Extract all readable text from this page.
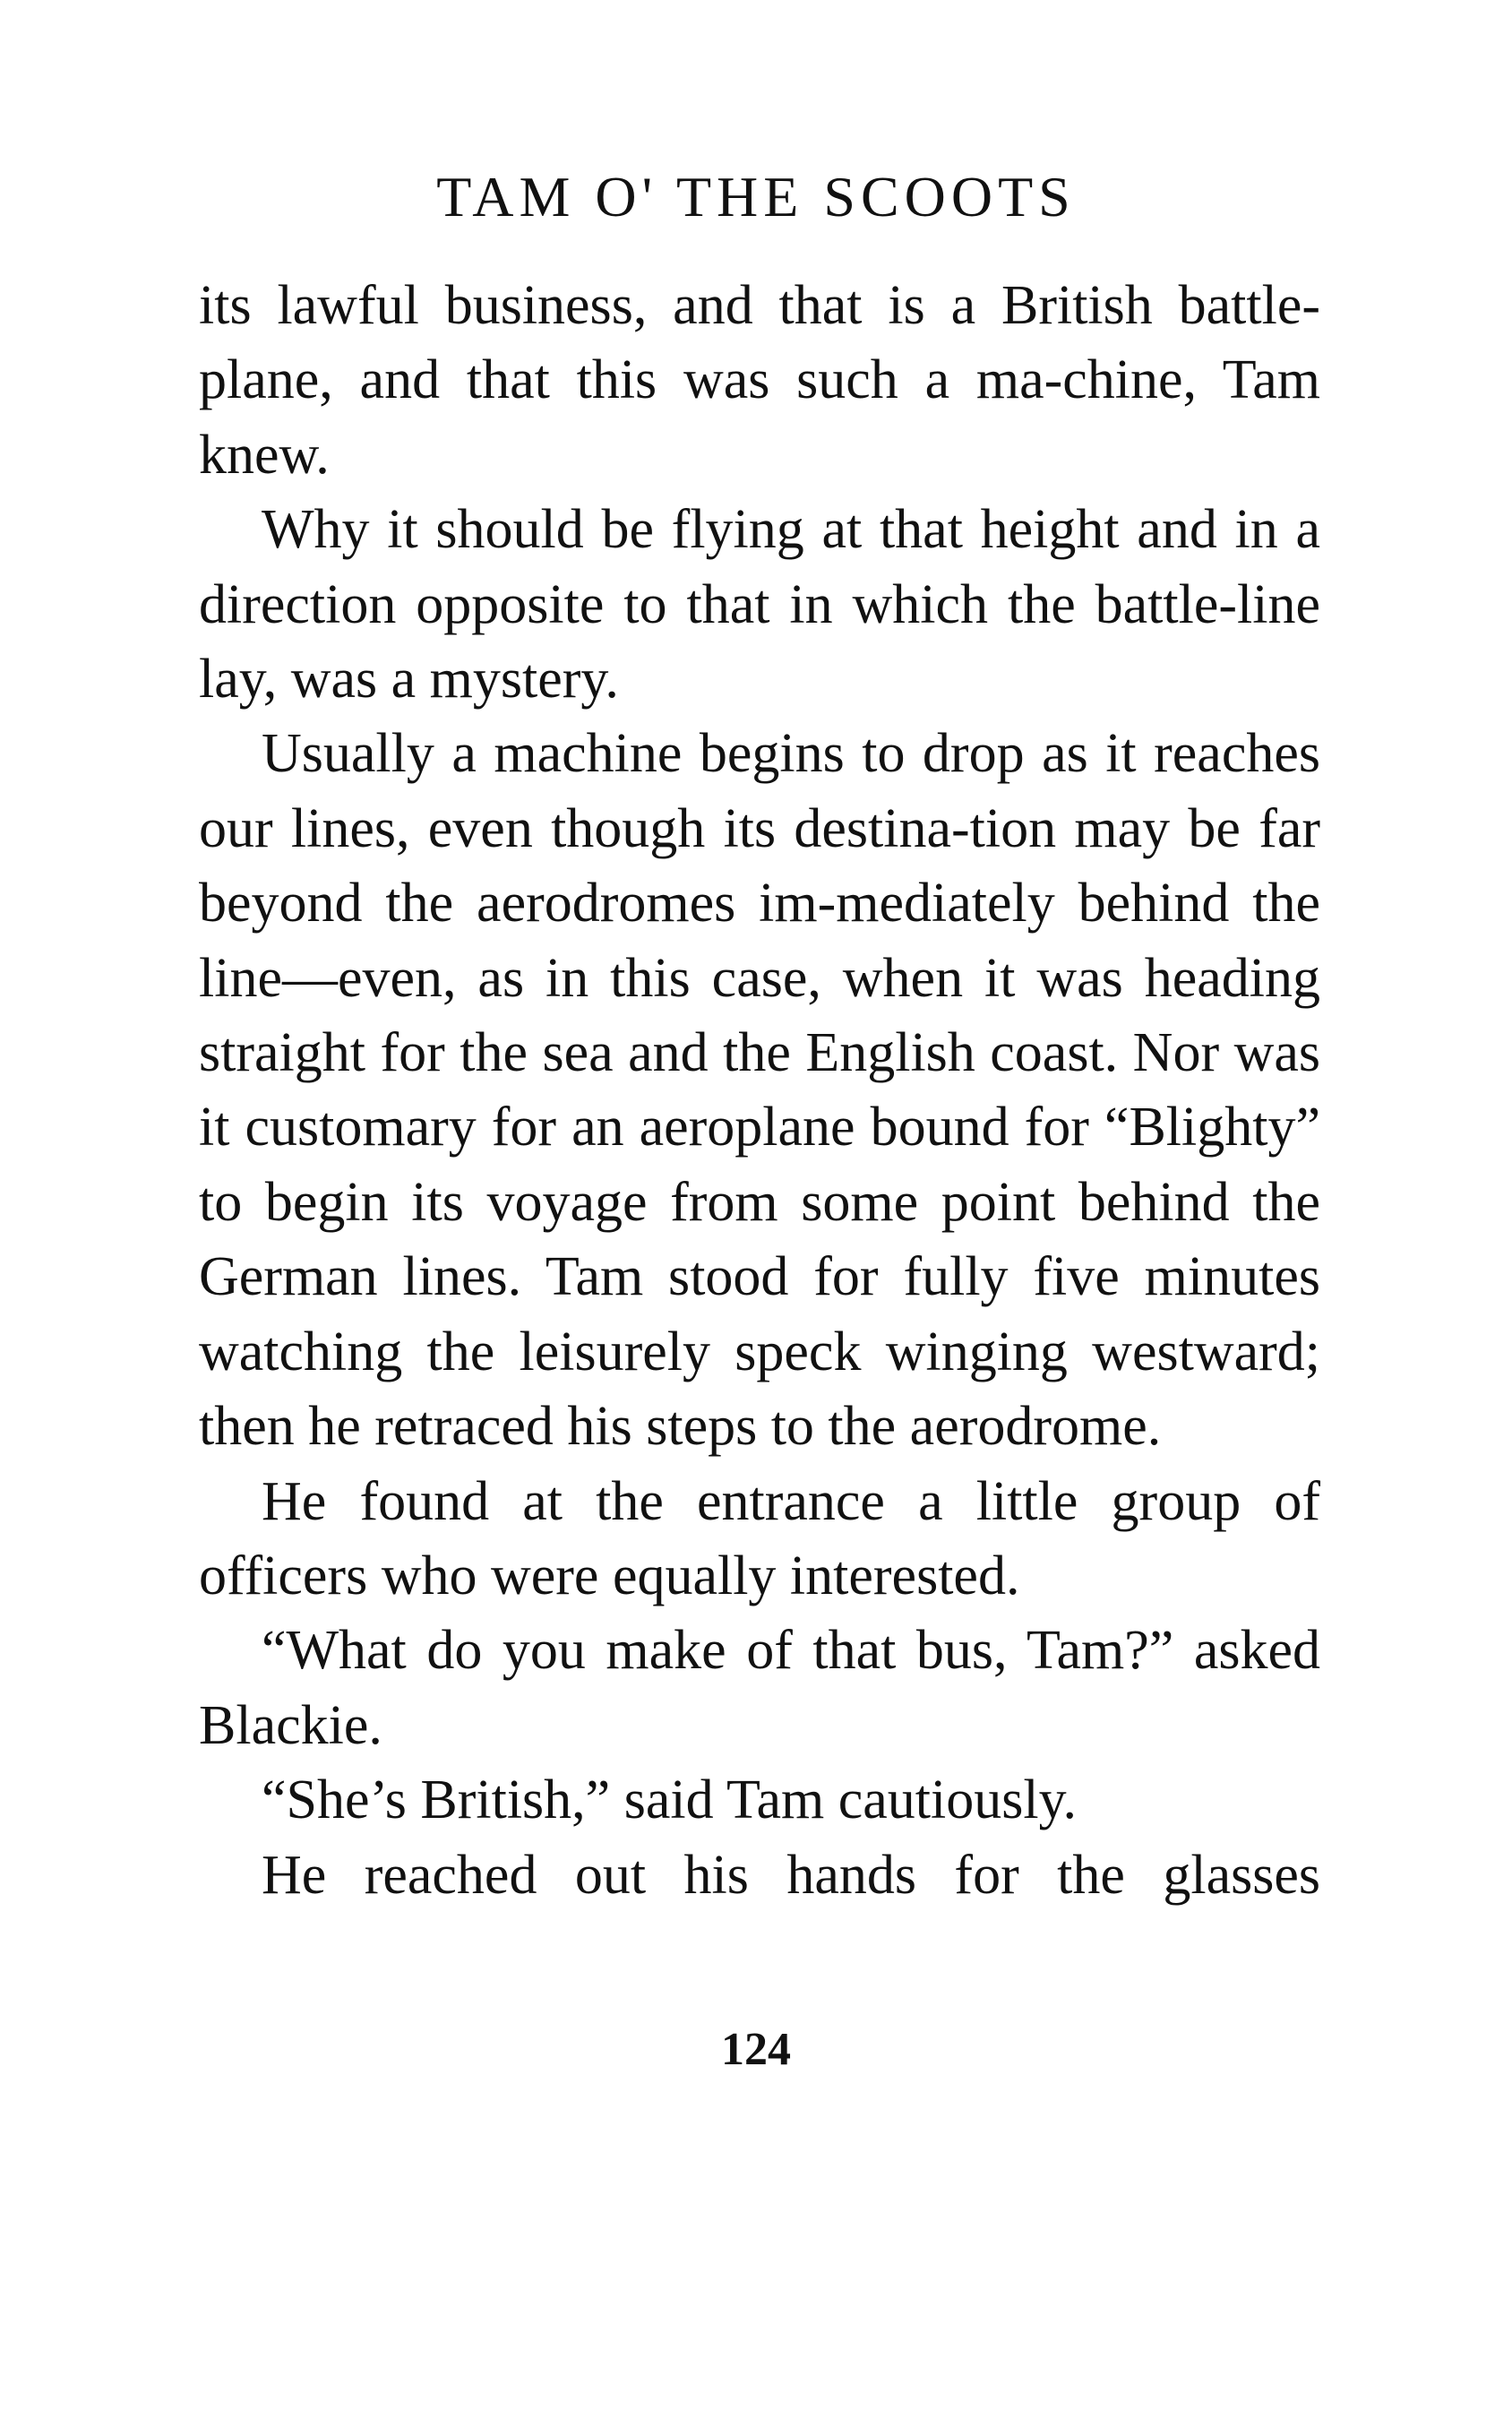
TAM O' THE SCOOTS

its lawful business, and that is a British battle-plane, and that this was such a ma-chine, Tam knew.

Why it should be flying at that height and in a direction opposite to that in which the battle-line lay, was a mystery.

Usually a machine begins to drop as it reaches our lines, even though its destina-tion may be far beyond the aerodromes im-mediately behind the line—even, as in this case, when it was heading straight for the sea and the English coast. Nor was it customary for an aeroplane bound for “Blighty” to begin its voyage from some point behind the German lines. Tam stood for fully five minutes watching the leisurely speck winging westward; then he retraced his steps to the aerodrome.

He found at the entrance a little group of officers who were equally interested.

“What do you make of that bus, Tam?” asked Blackie.

“She’s British,” said Tam cautiously.

He reached out his hands for the glasses

124
